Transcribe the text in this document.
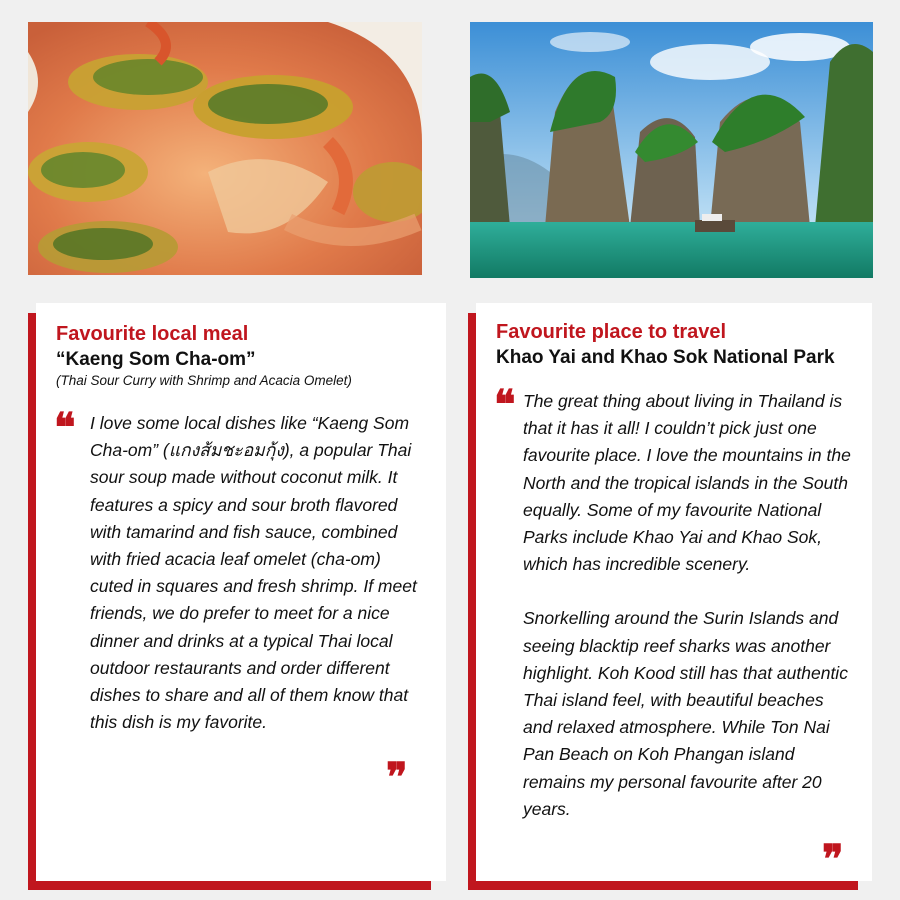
Favourite local meal

“Kaeng Som Cha-om”

(Thai Sour Curry with Shrimp and Acacia Omelet)

❝ I love some local dishes like “Kaeng Som Cha-om” (แกงส้มชะอมกุ้ง), a popular Thai sour soup made without coconut milk. It features a spicy and sour broth flavored with tamarind and fish sauce, combined with fried acacia leaf omelet (cha-om) cuted in squares and fresh shrimp. If meet friends, we do prefer to meet for a nice dinner and drinks at a typical Thai local outdoor restaurants and order different dishes to share and all of them know that this dish is my favorite.

❞

Favourite place to travel

Khao Yai and Khao Sok National Park

❝ The great thing about living in Thailand is that it has it all! I couldn’t pick just one favourite place. I love the mountains in the North and the tropical islands in the South equally. Some of my favourite National Parks include Khao Yai and Khao Sok, which has incredible scenery.

Snorkelling around the Surin Islands and seeing blacktip reef sharks was another highlight. Koh Kood still has that authentic Thai island feel, with beautiful beaches and relaxed atmosphere. While Ton Nai Pan Beach on Koh Phangan island remains my personal favourite after 20 years.

❞
